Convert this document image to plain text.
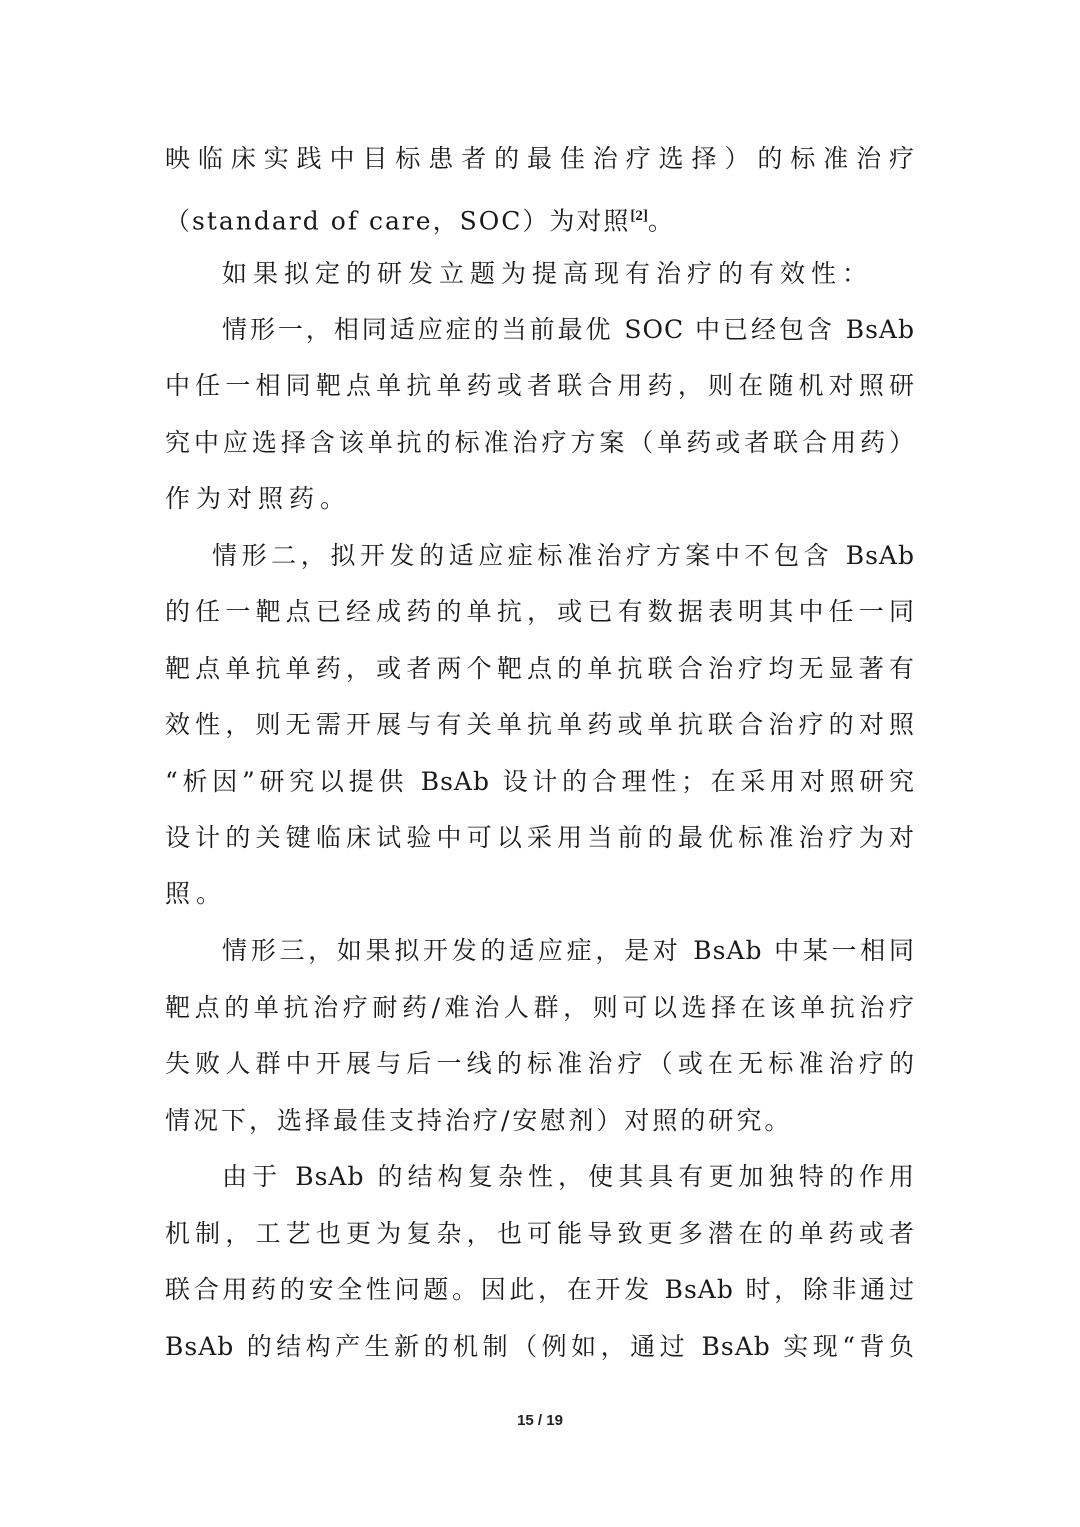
映临床实践中目标患者的最佳治疗选择）的标准治疗
（standard of care，SOC）为对照[2]。
如果拟定的研发立题为提高现有治疗的有效性：
情形一，相同适应症的当前最优 SOC 中已经包含 BsAb
中任一相同靶点单抗单药或者联合用药，则在随机对照研
究中应选择含该单抗的标准治疗方案（单药或者联合用药）
作为对照药。
情形二，拟开发的适应症标准治疗方案中不包含 BsAb
的任一靶点已经成药的单抗，或已有数据表明其中任一同
靶点单抗单药，或者两个靶点的单抗联合治疗均无显著有
效性，则无需开展与有关单抗单药或单抗联合治疗的对照
“析因”研究以提供 BsAb 设计的合理性；在采用对照研究
设计的关键临床试验中可以采用当前的最优标准治疗为对
照。
情形三，如果拟开发的适应症，是对 BsAb 中某一相同
靶点的单抗治疗耐药/难治人群，则可以选择在该单抗治疗
失败人群中开展与后一线的标准治疗（或在无标准治疗的
情况下，选择最佳支持治疗/安慰剂）对照的研究。
由于 BsAb 的结构复杂性，使其具有更加独特的作用
机制，工艺也更为复杂，也可能导致更多潜在的单药或者
联合用药的安全性问题。因此，在开发 BsAb 时，除非通过
BsAb 的结构产生新的机制（例如，通过 BsAb 实现“背负
15 / 19
